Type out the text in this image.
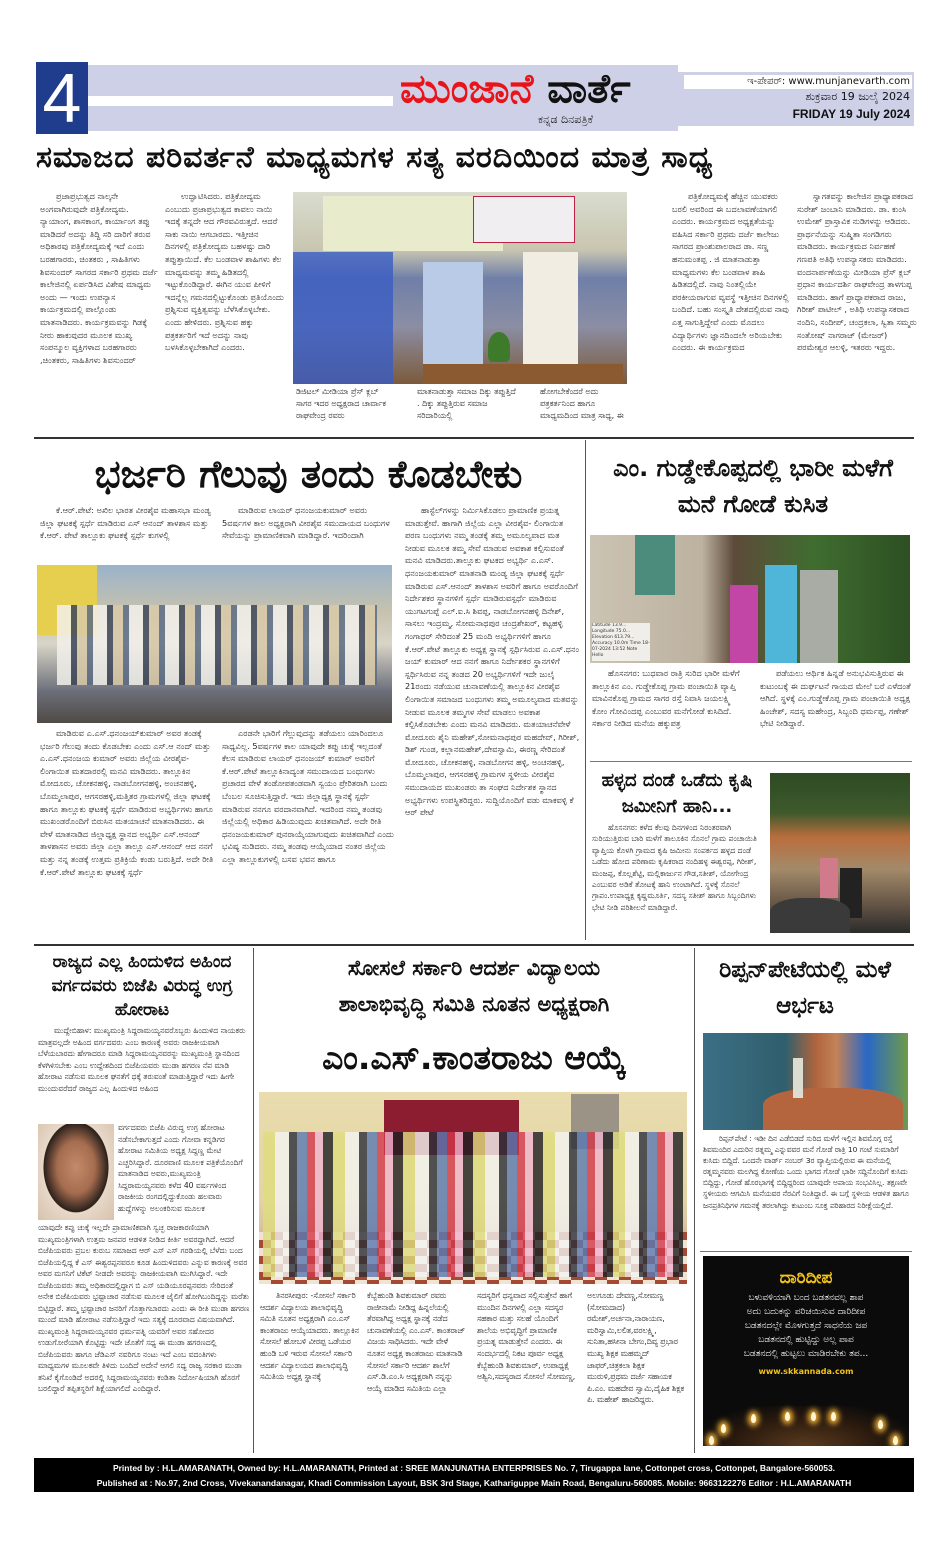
4	ಮುಂಜಾನೆ ವಾರ್ತೆ
ಕನ್ನಡ ದಿನಪತ್ರಿಕೆ
ಇ-ಪೇಪರ್: www.munjanevarth.com
ಶುಕ್ರವಾರ 19 ಜುಲೈ 2024
FRIDAY 19 July 2024
ಸಮಾಜದ ಪರಿವರ್ತನೆ ಮಾಧ್ಯಮಗಳ ಸತ್ಯ ವರದಿಯಿಂದ ಮಾತ್ರ ಸಾಧ್ಯ

ಪ್ರಜಾಪ್ರಭುತ್ವದ ನಾಲ್ಕನೇ ಅಂಗವಾಗಿರುವುದೇ ಪತ್ರಿಕೋದ್ಯಮ. ನ್ಯಾಯಾಂಗ, ಶಾಸಕಾಂಗ, ಕಾರ್ಯಾಂಗ ತಪ್ಪು ಮಾಡಿದರೆ ಅದನ್ನು ತಿದ್ದಿ ಸರಿ ದಾರಿಗೆ ತರುವ ಅಧಿಕಾರವು ಪತ್ರಿಕೋದ್ಯಮಕ್ಕೆ ಇದೆ ಎಂದು ಬರಹಗಾರರು, ಚಿಂತಕರು , ಸಾಹಿತಿಗಳು ಶಿವಸುಂದರ್ ಸಾಗರದ ಸರ್ಕಾರಿ ಪ್ರಥಮ ದರ್ಜೆ ಕಾಲೇಜಿನಲ್ಲಿ ಏರ್ಪಡಿಸಿದ ವಿಶೇಷ ಮಾಧ್ಯಮ ಅಂದು — ಇಂದು ಉಪನ್ಯಾಸ ಕಾರ್ಯಕ್ರಮದಲ್ಲಿ ಪಾಲ್ಗೊಂಡು ಮಾತನಾಡಿದರು. ಕಾರ್ಯಕ್ರಮವನ್ನು ಗಿಡಕ್ಕೆ ನೀರು ಹಾಕುವುದರ ಮೂಲಕ ಮುಖ್ಯ ಸಂಪನ್ಮೂಲ ವ್ಯಕ್ತಿಗಳಾದ ಬರಹಗಾರರು ,ಚಿಂತಕರು, ಸಾಹಿತಿಗಳು ಶಿವಸುಂದರ್

ಉದ್ಘಾಟಿಸಿದರು. ಪತ್ರಿಕೋದ್ಯಮ ಎಂಬುದು ಪ್ರಜಾಪ್ರಭುತ್ವದ ಕಾವಲು ನಾಯಿ ಇದಕ್ಕೆ ತನ್ನದೇ ಆದ ಗೌರವವಿರುತ್ತದೆ. ಆದರೆ ಸಾಕು ನಾಯಿ ಆಗಬಾರದು. ಇತ್ತೀಚಿನ ದಿನಗಳಲ್ಲಿ ಪತ್ರಿಕೋದ್ಯಮ ಬಹಳಷ್ಟು ದಾರಿ ತಪ್ಪುತ್ತಾಯಿದೆ. ಕೆಲ ಬಂಡವಾಳ ಶಾಹಿಗಳು ಕೆಲ ಮಾಧ್ಯಮವನ್ನು ತಮ್ಮ ಹಿಡಿತದಲ್ಲಿ ಇಟ್ಟುಕೊಂಡಿದ್ದಾರೆ. ಈಗಿನ ಯುವ ಪೀಳಿಗೆ ಇದನ್ನೆಲ್ಲ ಗಮನದಲ್ಲಿಟ್ಟುಕೊಂಡು ಪ್ರತಿಯೊಂದು ಪ್ರಶ್ನಿಸುವ ವ್ಯಕ್ತಿತ್ವವನ್ನು ಬೆಳೆಸಿಕೊಳ್ಳಬೇಕು. ಎಂದು ಹೇಳಿದರು. ಪ್ರಶ್ನಿಸುವ ಹಕ್ಕು ಪತ್ರಕರ್ತರಿಗೆ ಇದೆ ಅದನ್ನು ನಾವು ಬಳಸಿಕೊಳ್ಳಬೇಕಾಗಿದೆ ಎಂದರು.

ಡಿಜಿಟಲ್ ಮೀಡಿಯಾ ಪ್ರೆಸ್ ಕ್ಲಬ್ ಸಾಗರ ಇದರ ಅಧ್ಯಕ್ಷರಾದ ಚಾರ್ವಾಕ ರಾಘವೇಂದ್ರ ರವರು
ಮಾತನಾಡುತ್ತಾ ಸಮಾಜ ದಿಕ್ಕು ತಪ್ಪುತ್ತಿದೆ . ದಿಕ್ಕು ತಪ್ಪುತ್ತಿರುವ ಸಮಾಜ ಸರಿದಾರಿಯಲ್ಲಿ
ಹೋಗಬೇಕೆಂದರೆ ಅದು ಪತ್ರಕರ್ತನಿಂದ ಹಾಗೂ ಮಾಧ್ಯಮದಿಂದ ಮಾತ್ರ ಸಾಧ್ಯ, ಈ

ಪತ್ರಿಕೋದ್ಯಮಕ್ಕೆ ಹೆಚ್ಚಿನ ಯುವಕರು ಬರಲಿ ಅವರಿಂದ ಈ ಬದಲಾವಣೆಯಾಗಲಿ ಎಂದರು. ಕಾರ್ಯಕ್ರಮದ ಅಧ್ಯಕ್ಷತೆಯನ್ನು ವಹಿಸಿದ ಸರ್ಕಾರಿ ಪ್ರಥಮ ದರ್ಜೆ ಕಾಲೇಜು ಸಾಗರದ ಪ್ರಾಂಶುಪಾಲರಾದ ಡಾ. ಸಣ್ಣ ಹನುಮಂತಪ್ಪ . ಜಿ ಮಾತನಾಡುತ್ತಾ ಮಾಧ್ಯಮಗಳು ಕೆಲ ಬಂಡವಾಳ ಶಾಹಿ ಹಿಡಿತದಲ್ಲಿದೆ. ನಾವು ನಿಂತಲ್ಲಿಯೇ ಪರಕೀಯರಾಗುವ ವ್ಯವಸ್ಥೆ ಇತ್ತೀಚಿನ ದಿನಗಳಲ್ಲಿ ಬಂದಿದೆ. ಬಹು ಸಂಸ್ಕೃತಿ ದೇಶದಲ್ಲಿರುವ ನಾವು ಎತ್ತ ಸಾಗುತ್ತಿದ್ದೇವೆ ಎಂದು ಮೊದಲು ವಿದ್ಯಾರ್ಥಿಗಳು ಜ್ಞಾನದಿಂದಲೇ ಅರಿಯಬೇಕು ಎಂದರು. ಈ ಕಾರ್ಯಕ್ರಮದ

ಸ್ವಾಗತವನ್ನು ಕಾಲೇಜಿನ ಪ್ರಾಧ್ಯಾಪಕರಾದ ಸುರೇಶ್ ಜಂಬಾನಿ ಮಾಡಿದರು. ಡಾ. ಕುಂಸಿ ಉಮೇಶ್ ಪ್ರಾಸ್ತಾವಿಕ ನುಡಿಗಳನ್ನು ಆಡಿದರು. ಪ್ರಾರ್ಥನೆಯನ್ನು ಸುಷ್ಮಿತಾ ಸಂಗಡಿಗರು ಮಾಡಿದರು. ಕಾರ್ಯಕ್ರಮದ ನಿರ್ವಹಣೆ ಗಣಪತಿ ಅತಿಥಿ ಉಪನ್ಯಾಸಕರು ಮಾಡಿದರು. ವಂದನಾರ್ಪಣೆಯನ್ನು ಮೀಡಿಯಾ ಪ್ರೆಸ್ ಕ್ಲಬ್ ಪ್ರಧಾನ ಕಾರ್ಯದರ್ಶಿ ರಾಘವೇಂದ್ರ ತಾಳಗುಪ್ಪ ಮಾಡಿದರು. ಹಾಗೆ ಪ್ರಾಧ್ಯಾಪಕರಾದ ರಾಜು, ಗಿರೀಶ್ ಪಾಟೀಲ್ , ಅತಿಥಿ ಉಪನ್ಯಾಸಕರಾದ ನಂದಿನಿ, ಸಂದೀಪ್, ಚಂದ್ರಕಲಾ, ಸ್ವಿತಾ ಸಮ್ಮರು ಸಂತೋಷ್ ನಾಗರಾಜ್ (ಮೇಜರ್) ಪರಮೇಶ್ವರ ಆಲಳ್ಳಿ, ಇತರರು ಇದ್ದರು.

ಭರ್ಜರಿ ಗೆಲುವು ತಂದು ಕೊಡಬೇಕು

ಕೆ.ಆರ್.ಪೇಟೆ: ಅಖಿಲ ಭಾರತ ವೀರಶೈವ ಮಹಾಸಭಾ ಮಂಡ್ಯ ಜಿಲ್ಲಾ ಘಟಕಕ್ಕೆ ಸ್ಪರ್ಧೆ ಮಾಡಿರುವ ಎಸ್ ಆನಂದ್ ತಾಳಶಾಸ ಮತ್ತು ಕೆ.ಆರ್. ಪೇಟೆ ತಾಲ್ಲೂಕು ಘಟಕಕ್ಕೆ ಸ್ಪರ್ಧೆ ಕುಗಳಲ್ಲಿ

ಮಾಡಿರುವ ಲಾಯರ್ ಧನಂಜಯಕುಮಾರ್ ಅವರು 5ವರ್ಷಗಳ ಕಾಲ ಅಧ್ಯಕ್ಷರಾಗಿ ವೀರಶೈವ ಸಮುದಾಯದ ಬಂಧುಗಳ ಸೇವೆಯನ್ನು ಪ್ರಾಮಾಣಿಕವಾಗಿ ಮಾಡಿದ್ದಾರೆ. ಇದರಿಂದಾಗಿ

ಮಾಡಿರುವ ಎ.ಎಸ್.ಧನಂಜಯ್‌ಕುಮಾರ್ ಅವರ ತಂಡಕ್ಕೆ ಭರ್ಜರಿ ಗೆಲುವು ತಂದು ಕೊಡಬೇಕು ಎಂದು ಎಸ್.ಆ ನಂದ್ ಮತ್ತು ಎ.ಎಸ್.ಧನಂಜಯ ಕುಮಾರ್ ಅವರು ಜಿಲ್ಲೆಯ ವೀರಶೈವ- ಲಿಂಗಾಯಿತ ಮತದಾರರಲ್ಲಿ ಮನವಿ ಮಾಡಿದರು. ತಾಲ್ಲೂಕಿನ ಮೋದೂರು, ಚೋಕನಹಳ್ಳಿ, ನಾಡಬೋಗನಹಳ್ಳಿ, ಅಂಚನಹಳ್ಳಿ, ಬೊಮ್ಮಲಾಪುರ, ಆಗಸರಹಳ್ಳಿ,ಮತ್ತಿತರ ಗ್ರಾಮಗಳಲ್ಲಿ ಜಿಲ್ಲಾ ಘಟಕಕ್ಕೆ ಹಾಗೂ ತಾಲ್ಲೂಕು ಘಟಕಕ್ಕೆ ಸ್ಪರ್ಧೆ ಮಾಡಿರುವ ಅಭ್ಯರ್ಥಿಗಳು ಹಾಗೂ ಮುಖಂಡರೊಂದಿಗೆ ಬಿರುಸಿನ ಮತಯಾಚನೆ ಮಾತನಾಡಿದರು. ಈ ವೇಳೆ ಮಾತನಾಡಿದ ಜಿಲ್ಲಾಧ್ಯಕ್ಷ ಸ್ಥಾನದ ಅಭ್ಯರ್ಥಿ ಎಸ್.ಆನಂದ್ ತಾಳಶಾಸನ ಅವರು ಜಿಲ್ಲಾ ಎಲ್ಲಾ ತಾಲ್ಲೂ ಎಸ್.ಆನಂದ್ ಆದ ನನಗೆ ಮತ್ತು ನನ್ನ ತಂಡಕ್ಕೆ ಉತ್ತಮ ಪ್ರತಿಕ್ರಿಯೆ ಕಂಡು ಬರುತ್ತಿದೆ. ಅದೇ ರೀತಿ ಕೆ.ಆರ್.ಪೇಟೆ ತಾಲ್ಲೂಕು ಘಟಕಕ್ಕೆ ಸ್ಪರ್ಧೆ

ಎರಡನೇ ಭಾರಿಗೆ ಗೆಲ್ಲುವುದನ್ನು ತಡೆಯಲು ಯಾರಿಂದಲೂ ಸಾಧ್ಯವಿಲ್ಲ. 5ವರ್ಷಗಳ ಕಾಲ ಯಾವುದೇ ಕಪ್ಪು ಚುಕ್ಕೆ ಇಲ್ಲದಂತೆ ಕೆಲಸ ಮಾಡಿರುವ ಲಾಯರ್ ಧನಂಜಯ್ ಕುಮಾರ್ ಅವರಿಗೆ ಕೆ.ಆರ್.ಪೇಟೆ ತಾಲ್ಲೂಕಿನಾದ್ಯಂತ ಸಮುದಾಯದ ಬಂಧುಗಳು ಪ್ರಚಾರದ ವೇಳೆ ತಂಡೋಪತಂಡವಾಗಿ ಸ್ವಯಂ ಪ್ರೇರಿತರಾಗಿ ಬಂದು ಬೆಂಬಲ ಸೂಚಿಸುತ್ತಿದ್ದಾರೆ. ಇದು ಜಿಲ್ಲಾಧ್ಯಕ್ಷ ಸ್ಥಾನಕ್ಕೆ ಸ್ಪರ್ಧೆ ಮಾಡಿರುವ ನನಗೂ ವರದಾನವಾಗಿದೆ. ಇದರಿಂದ ನಮ್ಮ ತಂಡವು ಜಿಲ್ಲೆಯಲ್ಲಿ ಅಧಿಕಾರ ಹಿಡಿಯುವುದು ಖಚಿತವಾಗಿದೆ. ಅದೇ ರೀತಿ ಧನಂಜಯಕುಮಾರ್ ಪುನರಾಯ್ಕೆಯಾಗುವುದು ಖಚಿತವಾಗಿದೆ ಎಂದು ಭವಿಷ್ಯ ನುಡಿದರು. ನಮ್ಮ ತಂಡವು ಆಯ್ಕೆಯಾದ ನಂತರ ಜಿಲ್ಲೆಯ ಎಲ್ಲಾ ತಾಲ್ಲೂಕುಗಳಲ್ಲಿ ಬಸವ ಭವನ ಹಾಗೂ

ಹಾಸ್ಟೆಲ್‌ಗಳನ್ನು ನಿರ್ಮಿಸಿಕೊಡಲು ಪ್ರಾಮಾಣಿಕ ಪ್ರಯತ್ನ ಮಾಡುತ್ತೇವೆ. ಹಾಗಾಗಿ ಜಿಲ್ಲೆಯ ಎಲ್ಲಾ ವೀರಶೈವ- ಲಿಂಗಾಯಿತ ಪರಣ ಬಂಧುಗಳು ನಮ್ಮ ತಂಡಕ್ಕೆ ತಮ್ಮ ಅಮೂಲ್ಯವಾದ ಮತ ನೀಡುವ ಮೂಲಕ ತಮ್ಮ ಸೇವೆ ಮಾಡುವ ಅವಕಾಶ ಕಲ್ಪಿಸುವಂತೆ ಮನವಿ ಮಾಡಿದರು.ತಾಲ್ಲೂಕು ಘಟಕದ ಅಭ್ಯರ್ಥಿ ಎ.ಎಸ್. ಧನಂಜಯಕುಮಾರ್ ಮಾತನಾಡಿ ಮಂಡ್ಯ ಜಿಲ್ಲಾ ಘಟಕಕ್ಕೆ ಸ್ಪರ್ಧೆ ಮಾಡಿರುವ ಎಸ್.ಆನಂದ್ ತಾಳಶಾಸ ಅವರಿಗೆ ಹಾಗೂ ಅವರೊಂದಿಗೆ ನಿರ್ದೇಶಕರ ಸ್ಥಾನಗಳಿಗೆ ಸ್ಪರ್ಧೆ ಮಾಡಿರುವಸ್ಪರ್ಧೆ ಮಾಡಿರುವ ಯುಗಟಗುಪ್ಪೆ ಎಲ್.ಐ.ಸಿ ಶಿವಪ್ಪ, ನಾಡಬೋಗನಹಳ್ಳಿ ದಿನೇಶ್, ಸಾಸಲು ಇಂದ್ರಮ್ಮ, ಸೋಮನಾಥಪುರ ಚಂದ್ರಶೇಖರ್, ಕಟ್ಟಹಳ್ಳಿ ಗಂಗಾಧರ್ ಸೇರಿದಂತೆ 25 ಮಂದಿ ಅಭ್ಯರ್ಥಿಗಳಿಗೆ ಹಾಗೂ ಕೆ.ಆರ್.ಪೇಟೆ ತಾಲ್ಲೂಕು ಅಧ್ಯಕ್ಷ ಸ್ಥಾನಕ್ಕೆ ಸ್ಪರ್ಧಿಸಿರುವ ಎ.ಎಸ್.ಧನಂ ಜಯ್ ಕುಮಾರ್ ಆದ ನನಗೆ ಹಾಗೂ ನಿರ್ದೇಶಕರ ಸ್ಥಾನಗಳಿಗೆ ಸ್ಪರ್ಧಿಸಿರುವ ನನ್ನ ತಂಡದ 20 ಅಭ್ಯರ್ಥಿಗಳಿಗೆ ಇದೇ ಜುಲೈ 21ರಂದು ನಡೆಯುವ ಚುನಾವಣೆಯಲ್ಲಿ ತಾಲ್ಲೂಕಿನ ವೀರಶೈವ ಲಿಂಗಾಯಿತ ಸಮಾಜದ ಬಂಧುಗಳು ತಮ್ಮ ಅಮೂಲ್ಯವಾದ ಮತವನ್ನು ನೀಡುವ ಮೂಲಕ ತಮ್ಮಗಳ ಸೇವೆ ಮಾಡಲು ಅವಕಾಶ ಕಲ್ಪಿಸಿಕೊಡಬೇಕು ಎಂದು ಮನವಿ ಮಾಡಿದರು. ಮತಯಾಚನೆವೇಳೆ ಮೋದೂರು ಶೈನಿ ಮಹೇಶ್,ಸೋಮನಾಥಪುರ ಮಹದೇವ್, ಗಿರೀಶ್, ಡಿಶ್ ಗುಂಡ, ಕಲ್ಲಾನಮಹೇಶ್,ದೇವಸ್ವಾಮಿ, ಈರಣ್ಣ ಸೇರಿದಂತೆ ಮೋದೂರು, ಚೋಕನಹಳ್ಳಿ, ನಾಡಬೋಗನ ಹಳ್ಳಿ, ಅಂಚನಹಳ್ಳಿ, ಬೊಮ್ಮಲಾಪುರ, ಆಗಸರಹಳ್ಳಿ ಗ್ರಾಮಗಳ ಸ್ಥಳೀಯ ವೀರಶೈವ ಸಮುದಾಯದ ಮುಖಂಡರು ತಾ ಸಂಘದ ನಿರ್ದೇಶಕ ಸ್ಥಾನದ ಅಭ್ಯರ್ಥಿಗಳು ಉಪಸ್ಥಿತರಿದ್ದರು. ಸುದ್ದಿಯೊಂದಿಗೆ ವಡು ಮಾಕವಳ್ಳಿ ಕೆ ಆರ್ ಪೇಟೆ

ಎಂ. ಗುಡ್ಡೇಕೊಪ್ಪದಲ್ಲಿ ಭಾರೀ ಮಳೆಗೆ ಮನೆ ಗೋಡೆ ಕುಸಿತ
Latitude 13.9... Longitude 75.0... Elevation 613.79... Accuracy 10.0m Time 18-07-2024 13:52 Note Hello

ಹೊಸನಗರ: ಬುಧವಾರ ರಾತ್ರಿ ಸುರಿದ ಭಾರೀ ಮಳೆಗೆ ತಾಲ್ಲೂಕಿನ ಎಂ. ಗುಡ್ಡೇಕೊಪ್ಪ ಗ್ರಾಮ ಪಂಚಾಯಿತಿ ವ್ಯಾಪ್ತಿ ಮಾವಿನಕೊಪ್ಪ ಗ್ರಾಮದ ಸಾಗರ ರಸ್ತೆ ನಿವಾಸಿ ಜಯಲಕ್ಷ್ಮಿ ಕೋಂ ಗೋವಿಂದಪ್ಪ ಎಂಬುವರ ಮನೆಗೋಡೆ ಕುಸಿದಿದೆ. ಸರ್ಕಾರ ನೀಡಿದ ಮನೆಯ ಹಕ್ಕುಪತ್ರ

ಪಡೆಯಲು ಆರ್ಥಿಕ ಹಿನ್ನಡೆ ಅನುಭವಿಸುತ್ತಿರುವ ಈ ಕುಟುಂಬಕ್ಕೆ ಈ ದುರ್ಘಟನೆ ಗಾಯದ ಮೇಲೆ ಬರೆ ಎಳೆದಂತೆ ಆಗಿದೆ. ಸ್ಥಳಕ್ಕೆ ಎಂ.ಗುಡ್ಡೇಕೊಪ್ಪ ಗ್ರಾಮ ಪಂಚಾಯಿತಿ ಅಧ್ಯಕ್ಷ ಹಿಂಚೇಶ್, ಸದಸ್ಯ ಮಹೇಂದ್ರ, ಸಿಬ್ಬಂದಿ ಧರ್ಮಪ್ಪ, ಗಣೇಶ್ ಭೇಟಿ ನೀಡಿದ್ದಾರೆ.

ಹಳ್ಳದ ದಂಡೆ ಒಡೆದು ಕೃಷಿ ಜಮೀನಿಗೆ ಹಾನಿ...

ಹೊಸನಗರ: ಕಳೆದ ಕೆಲವು ದಿನಗಳಿಂದ ನಿರಂತರವಾಗಿ ಸುರಿಯುತ್ತಿರುವ ಬಾರಿ ಮಳೆಗೆ ತಾಲೂಕಿನ ಸೊನಲೆ ಗ್ರಾಮ ಪಂಚಾಯಿತಿ ವ್ಯಾಪ್ತಿಯ ಕೊಳಗಿ ಗ್ರಾಮದ ಕೃಷಿ ಜಮೀನು ಸಂಪರ್ಕದ ಹಳ್ಳದ ದಂಡೆ ಒಡೆದು ಹೋದ ಪರಿಣಾಮ ಕೃಷಿಕರಾದ ನಂದಿಹಳ್ಳ ಈಶ್ವರಪ್ಪ, ಗಿರೀಶ್, ಮಂಜಪ್ಪ, ಕೊಲ್ಲಶೆಟ್ಟಿ, ಮಲ್ಲಿಕಾರ್ಜುನ ಗೌಡ,ಸತೀಶ್, ಯೋಗೇಂದ್ರ ಎಂಬುವರ ಅಡಿಕೆ ತೋಟಕ್ಕೆ ಹಾನಿ ಉಂಟಾಗಿದೆ. ಸ್ಥಳಕ್ಕೆ ಸೊನಲೆ ಗ್ರಾಪಂ.ಉಪಾಧ್ಯಕ್ಷ ಕೃಷ್ಣಮೂರ್ತಿ, ಸದಸ್ಯ ಸತೀಶ್ ಹಾಗೂ ಸಿಬ್ಬಂದಿಗಳು ಭೇಟಿ ನೀಡಿ ಪರಿಶೀಲನೆ ಮಾಡಿದ್ದಾರೆ.

ರಾಜ್ಯದ ಎಲ್ಲ ಹಿಂದುಳಿದ ಅಹಿಂದ ವರ್ಗದವರು ಬಿಜೆಪಿ ವಿರುದ್ಧ ಉಗ್ರ ಹೋರಾಟ

ಮುದ್ದೇಬಿಹಾಳ: ಮುಖ್ಯಮಂತ್ರಿ ಸಿದ್ದರಾಮಯ್ಯನವರೊಬ್ಬರು ಹಿಂದುಳಿದ ನಾಯಕರು ಮಾತ್ರವಲ್ಲದೇ ಅಹಿಂದ ವರ್ಗದವರು ಎಂಬ ಕಾರಣಕ್ಕೆ ಅವರು ರಾಜಕೀಯವಾಗಿ ಬೆಳೆಯಬಾರದು ಹೇಗಾದರೂ ಮಾಡಿ ಸಿದ್ದರಾಮಯ್ಯನವರನ್ನು ಮುಖ್ಯಮಂತ್ರಿ ಸ್ಥಾನದಿಂದ ಕೆಳಗಿಳಿಸಬೇಕು ಎಂಬ ಉದ್ದೇಶದಿಂದ ಬಿಜೆಪಿಯವರು ಮುಡಾ ಹಗರಣ ನೆಪ ಮಾಡಿ ಹೋರಾಟ ನಡೆಸುವ ಮೂಲಕ ಘನತೆಗೆ ಧಕ್ಕೆ ತರುವಂತೆ ಮಾಡುತ್ತಿದ್ದಾರೆ ಇದು ಹೀಗೇ ಮುಂದುವರೆದರೆ ರಾಜ್ಯದ ಎಲ್ಲ ಹಿಂದುಳಿದ ಅಹಿಂದ

ವರ್ಗದವರು ಬಿಜೆಪಿ ವಿರುದ್ಧ ಉಗ್ರ ಹೋರಾಟ ನಡೆಸಬೇಕಾಗುತ್ತದೆ ಎಂದು ಗೋವಾ ಕನ್ನಡಿಗರ ಹೋರಾಟ ಸಮಿತಿಯ ಅಧ್ಯಕ್ಷ ಸಿದ್ದಣ್ಣ ಮೇಟಿ ಎಚ್ಚರಿಸಿದ್ದಾರೆ. ದೂರವಾಣಿ ಮೂಲಕ ಪತ್ರಿಕೆಯೊಂದಿಗೆ ಮಾತನಾಡಿದ ಅವರು,ಮುಖ್ಯಮಂತ್ರಿ ಸಿದ್ದರಾಮಯ್ಯನವರು ಕಳೆದ 40 ವರ್ಷಗಳಿಂದ ರಾಜಕೀಯ ರಂಗದಲ್ಲಿದ್ದುಕೊಂಡು ಹಲವಾರು ಹುದ್ದೆಗಳನ್ನು ಅಲಂಕರಿಸುವ ಮೂಲಕ

ಯಾವುದೇ ಕಪ್ಪು ಚುಕ್ಕೆ ಇಲ್ಲದೇ ಪ್ರಾಮಾಣಿಕವಾಗಿ ಸ್ವಚ್ಛ ರಾಜಕಾರಣಿಯಾಗಿ ಮುಖ್ಯಮಂತ್ರಿಗಳಾಗಿ ಉತ್ತಮ ಜನಪರ ಆಡಳಿತ ನೀಡಿದ ಕೀರ್ತಿ ಅವರದ್ದಾಗಿದೆ. ಆದರೆ ಬಿಜೆಪಿಯವರು ಪ್ರಬಲ ಕುರುಬ ಸಮಾಜದ ಆರ್ ಎಸ್ ಎಸ್ ಗರಡಿಯಲ್ಲಿ ಬೆಳೆದು ಬಂದ ಬಿಜೆಪಿಯಲ್ಲಿದ್ದ ಕೆ ಎಸ್ ಈಶ್ವರಪ್ಪನವರೂ ಕೂಡ ಹಿಂದುಳಿದವರು ಎನ್ನುವ ಕಾರಣಕ್ಕೆ ಅವರ ಅವರ ಮಗನಿಗೆ ಟಿಕೆಟ್ ನೀಡದೇ ಅವರನ್ನು ರಾಜಕೀಯವಾಗಿ ಮುಗಿಸಿದ್ದಾರೆ. ಇದೇ ಬಿಜೆಪಿಯವರು ತಮ್ಮ ಅಧಿಕಾರದಲ್ಲಿದ್ದಾಗ ಬಿ ಎಸ್ ಯಡಿಯೂರಪ್ಪನವರು ಸೇರಿದಂತೆ ಅನೇಕ ಬಿಜೆಪಿಯವರು ಭ್ರಷ್ಟಾಚಾರ ನಡೆಸುವ ಮೂಲಕ ಜೈಲಿಗೆ ಹೋಗಿಬಂದಿದ್ದನ್ನು ಮರೆತು ಬಿಟ್ಟಿದ್ದಾರೆ. ತಮ್ಮ ಭ್ರಷ್ಟಾಚಾರ ಜನರಿಗೆ ಗೊತ್ತಾಗಬಾರದು ಎಂದು ಈ ರೀತಿ ಮುಡಾ ಹಗರಣ ಮುಂದೆ ಮಾಡಿ ಹೋರಾಟ ನಡೆಸುತ್ತಿದ್ದಾರೆ ಇದು ಸತ್ಯಕ್ಕೆ ದೂರವಾದ ವಿಷಯವಾಗಿದೆ. ಮುಖ್ಯಮಂತ್ರಿ ಸಿದ್ದರಾಮಯ್ಯನವರ ಧರ್ಮಪತ್ನಿ ಯವರಿಗೆ ಅವರ ಸಹೋದರ ಉಡುಗೋರೆಯಾಗಿ ಕೊಟ್ಟಿದ್ದು ಇದೇ ಜೊತೆಗೆ ಸಧ್ಯ ಈ ಮುಡಾ ಹಗರಣದಲ್ಲಿ ಬಿಜೆಪಿಯವರು ಹಾಗೂ ಜೆಡಿಎಸ್ ನವರಿಗೂ ನಂಟು ಇದೆ ಎಂಬ ವದಂತಿಗಳು ಮಾಧ್ಯಮಗಳ ಮೂಲಕವೇ ತಿಳಿದು ಬಂದಿದೆ ಅದೇನೆ ಆಗಲಿ ಸಧ್ಯ ರಾಜ್ಯ ಸರಕಾರ ಮುಡಾ ತನಿಖೆ ಕೈಗೊಂಡಿದೆ ಅದರಲ್ಲಿ ಸಿದ್ದರಾಮಯ್ಯನವರು ಕಂಡಿತಾ ನಿರ್ದೋಷಿಯಾಗಿ ಹೊರಗೆ ಬರಲಿದ್ದಾರೆ ತಪ್ಪಿತಸ್ಥರಿಗೆ ಶಿಕ್ಷೆಯಾಗಲಿದೆ ಎಂದಿದ್ದಾರೆ.

ಸೋಸಲೆ ಸರ್ಕಾರಿ ಆದರ್ಶ ವಿದ್ಯಾಲಯ
ಶಾಲಾಭಿವೃದ್ಧಿ ಸಮಿತಿ ನೂತನ ಅಧ್ಯಕ್ಷರಾಗಿ
ಎಂ.ಎಸ್.ಕಾಂತರಾಜು ಆಯ್ಕೆ

ತಿನರಸೀಪುರ: -ಸೋಸಲೆ ಸರ್ಕಾರಿ ಆದರ್ಶ ವಿದ್ಯಾಲಯ ಶಾಲಾಭಿವೃದ್ಧಿ ಸಮಿತಿ ನೂತನ ಅಧ್ಯಕ್ಷರಾಗಿ ಎಂ.ಎಸ್ ಕಾಂತರಾಜು ಆಯ್ಕೆಯಾದರು. ತಾಲ್ಲೂಕಿನ ಸೋಸಲೆ ಹೋಬಳಿ ವೀರಪ್ಪ ಒಡೆಯರ ಹುಂಡಿ ಬಳಿ ಇರುವ ಸೋಸಲೆ ಸರ್ಕಾರಿ ಆದರ್ಶ ವಿದ್ಯಾಲಯದ ಶಾಲಾಭಿವೃದ್ಧಿ ಸಮಿತಿಯ ಅಧ್ಯಕ್ಷ ಸ್ಥಾನಕ್ಕೆ

ಕೆಬ್ಬೆಹುಂಡಿ ಶಿವಕುಮಾರ್ ರವರು ರಾಜೀನಾಮೆ ನೀಡಿದ್ದ ಹಿನ್ನಲೆಯಲ್ಲಿ ತೆರವಾಗಿದ್ದ ಅಧ್ಯಕ್ಷ ಸ್ಥಾನಕ್ಕೆ ನಡೆದ ಚುನಾವಣೆಯಲ್ಲಿ ಎಂ.ಎಸ್. ಕಾಂತರಾಜ್ ವಿಜಯ ಸಾಧಿಸಿದರು. ಇದೇ ವೇಳೆ ನೂತನ ಅಧ್ಯಕ್ಷ ಕಾಂತರಾಜು ಮಾತನಾಡಿ ಸೋಸಲೆ ಸರ್ಕಾರಿ ಆದರ್ಶ ಶಾಲೆಗೆ ಎಸ್.ಡಿ.ಎಂ.ಸಿ ಅಧ್ಯಕ್ಷರಾಗಿ ನನ್ನನ್ನು ಆಯ್ಕೆ ಮಾಡಿದ ಸಮಿತಿಯ ಎಲ್ಲಾ

ಸದಸ್ಯರಿಗೆ ಧನ್ಯವಾದ ಸಲ್ಲಿಸುತ್ತೇನೆ ಹಾಗೆ ಮುಂದಿನ ದಿನಗಳಲ್ಲಿ ಎಲ್ಲಾ ಸದಸ್ಯರ ಸಹಕಾರ ಮತ್ತು ಸಲಹೆ ಯೊಂದಿಗೆ ಶಾಲೆಯ ಅಭಿವೃದ್ಧಿಗೆ ಪ್ರಾಮಾಣಿಕ ಪ್ರಯತ್ನ ಮಾಡುತ್ತೇನೆ ಎಂದರು. ಈ ಸಂದರ್ಭದಲ್ಲಿ ನಿಕಟ ಪೂರ್ವ ಅಧ್ಯಕ್ಷ ಕೆಬ್ಬೆಹುಂಡಿ ಶಿವಕುಮಾರ್, ಉಪಾಧ್ಯಕ್ಷೆ ಅಶ್ವಿನಿ,ಸದಸ್ಯರಾದ ಸೋಸಲೆ ಸೋಮಣ್ಣ,

ಅಲಗೂಡು ದೇವಣ್ಣ,ಸೋಮಣ್ಣ (ಸೋಮದಾದ) ರಮೇಶ್,ಅರ್ಚನಾ,ನಾರಾಯಣ, ಮರಿಸ್ವಾಮಿ,ಲಲಿತ,ವರಲಕ್ಷ್ಮಿ, ಸುನಿತಾ,ಹಸೀನಾ ಬೇಗಂ,ದಿವ್ಯ ಪ್ರಭಾರ ಮುಖ್ಯ ಶಿಕ್ಷಕ ಮಹಮ್ಮದ್ ಜಾಫರ್,ಚಿತ್ರಕಲಾ ಶಿಕ್ಷಕ ಮುರುಳಿ,ಪ್ರಥಮ ದರ್ಜೆ ಸಹಾಯಕ ಪಿ.ಎಂ. ಮಹದೇವ ಸ್ವಾಮಿ,ದೈಹಿಕ ಶಿಕ್ಷಕ ಪಿ. ಮಹೇಶ್ ಹಾಜರಿದ್ದರು.

ರಿಪ್ಪನ್‌ಪೇಟೆಯಲ್ಲಿ ಮಳೆ ಆರ್ಭಟ

ರಿಪ್ಪನ್‌ಪೇಟೆ : ಇಡೀ ದಿನ ಎಡೆಬಿಡದೆ ಸುರಿದ ಮಳೆಗೆ ಇಲ್ಲಿನ ಶಿವಮೊಗ್ಗ ರಸ್ತೆ ಶಿವಮಂದಿರ ಎದುರಿನ ರತ್ನಮ್ಮ ಎನ್ನುವವರ ಮನೆ ಗೋಡೆ ರಾತ್ರಿ 10 ಗಂಟೆ ಸುಮಾರಿಗೆ ಕುಸಿದು ಬಿದ್ದಿದೆ. ಒಂದನೇ ವಾರ್ಡ್ ನಂಬರ್ 3ರ ವ್ಯಾಪ್ತಿಯಲ್ಲಿರುವ ಈ ಮನೆಯಲ್ಲಿ ರತ್ನಮ್ಮನವರು ಮಲಗಿದ್ದ ಕೋಣೆಯ ಒಂದು ಭಾಗದ ಗೋಡೆ ಭಾರೀ ಸದ್ದಿನೊಂದಿಗೆ ಕುಸಿದು ಬಿದ್ದಿದ್ದು, ಗೋಡೆ ಹೊರಭಾಗಕ್ಕೆ ಬಿದ್ದಿದ್ದರಿಂದ ಯಾವುದೇ ಅಪಾಯ ಸಂಭವಿಸಿಲ್ಲ. ತಕ್ಷಣವೇ ಸ್ಥಳೀಯರು ಆಗಮಿಸಿ ಮನೆಯವರ ನೆರವಿಗೆ ನಿಂತಿದ್ದಾರೆ. ಈ ಬಗ್ಗೆ ಸ್ಥಳೀಯ ಆಡಳಿತ ಹಾಗೂ ಜನಪ್ರತಿನಿಧಿಗಳ ಗಮನಕ್ಕೆ ತರಲಾಗಿದ್ದು ಕುಟುಂಬ ಸೂಕ್ತ ಪರಿಹಾರದ ನಿರೀಕ್ಷೆಯಲ್ಲಿದೆ.

ದಾರಿದೀಪ
ಬಳುವಳಿಯಾಗಿ ಬಂದ ಬಡತನವಲ್ಲ ಶಾಪ
ಅದು ಬದುಕನ್ನು ಪರಿಚಯಿಸುವ ದಾರಿದೀಪ
ಬಡತನದಲ್ಲೇ ಮೊಳಗುತ್ತದೆ ಸಾಧನೆಯ ಜಪ
ಬಡತನದಲ್ಲಿ ಹುಟ್ಟಿದ್ದು ಅಲ್ಲ ಪಾಪ
ಬಡತನದಲ್ಲಿ ಹುಟ್ಟಲು ಮಾಡಿರಬೇಕು ತಪ...
www.skkannada.com
Printed by : H.L.AMARANATH, Owned by: H.L.AMARANATH, Printed at : SREE MANJUNATHA ENTERPRISES No. 7, Tirugappa lane, Cottonpet cross, Cottonpet, Bangalore-560053.
Published at : No.97, 2nd Cross, Vivekanandanagar, Khadi Commission Layout, BSK 3rd Stage, Kathariguppe Main Road, Bengaluru-560085. Mobile: 9663122276 Editor : H.L.AMARANATH
